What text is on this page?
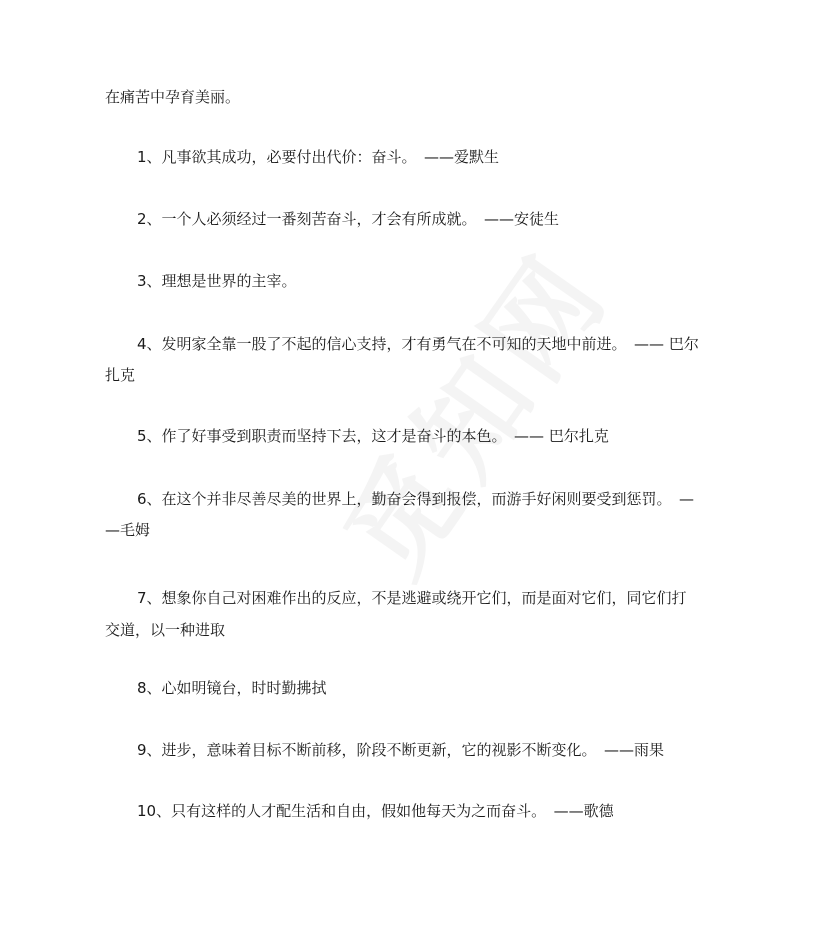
在痛苦中孕育美丽。
1、凡事欲其成功，必要付出代价：奋斗。　——爱默生
2、一个人必须经过一番刻苦奋斗，才会有所成就。　——安徒生
3、理想是世界的主宰。
4、发明家全靠一股了不起的信心支持，才有勇气在不可知的天地中前进。　—— 巴尔
扎克
5、作了好事受到职责而坚持下去，这才是奋斗的本色。　—— 巴尔扎克
6、在这个并非尽善尽美的世界上，勤奋会得到报偿，而游手好闲则要受到惩罚。　—
—毛姆
7、想象你自己对困难作出的反应，不是逃避或绕开它们，而是面对它们，同它们打
交道，以一种进取
8、心如明镜台，时时勤拂拭
9、进步，意味着目标不断前移，阶段不断更新，它的视影不断变化。　——雨果
10、只有这样的人才配生活和自由，假如他每天为之而奋斗。　——歌德
